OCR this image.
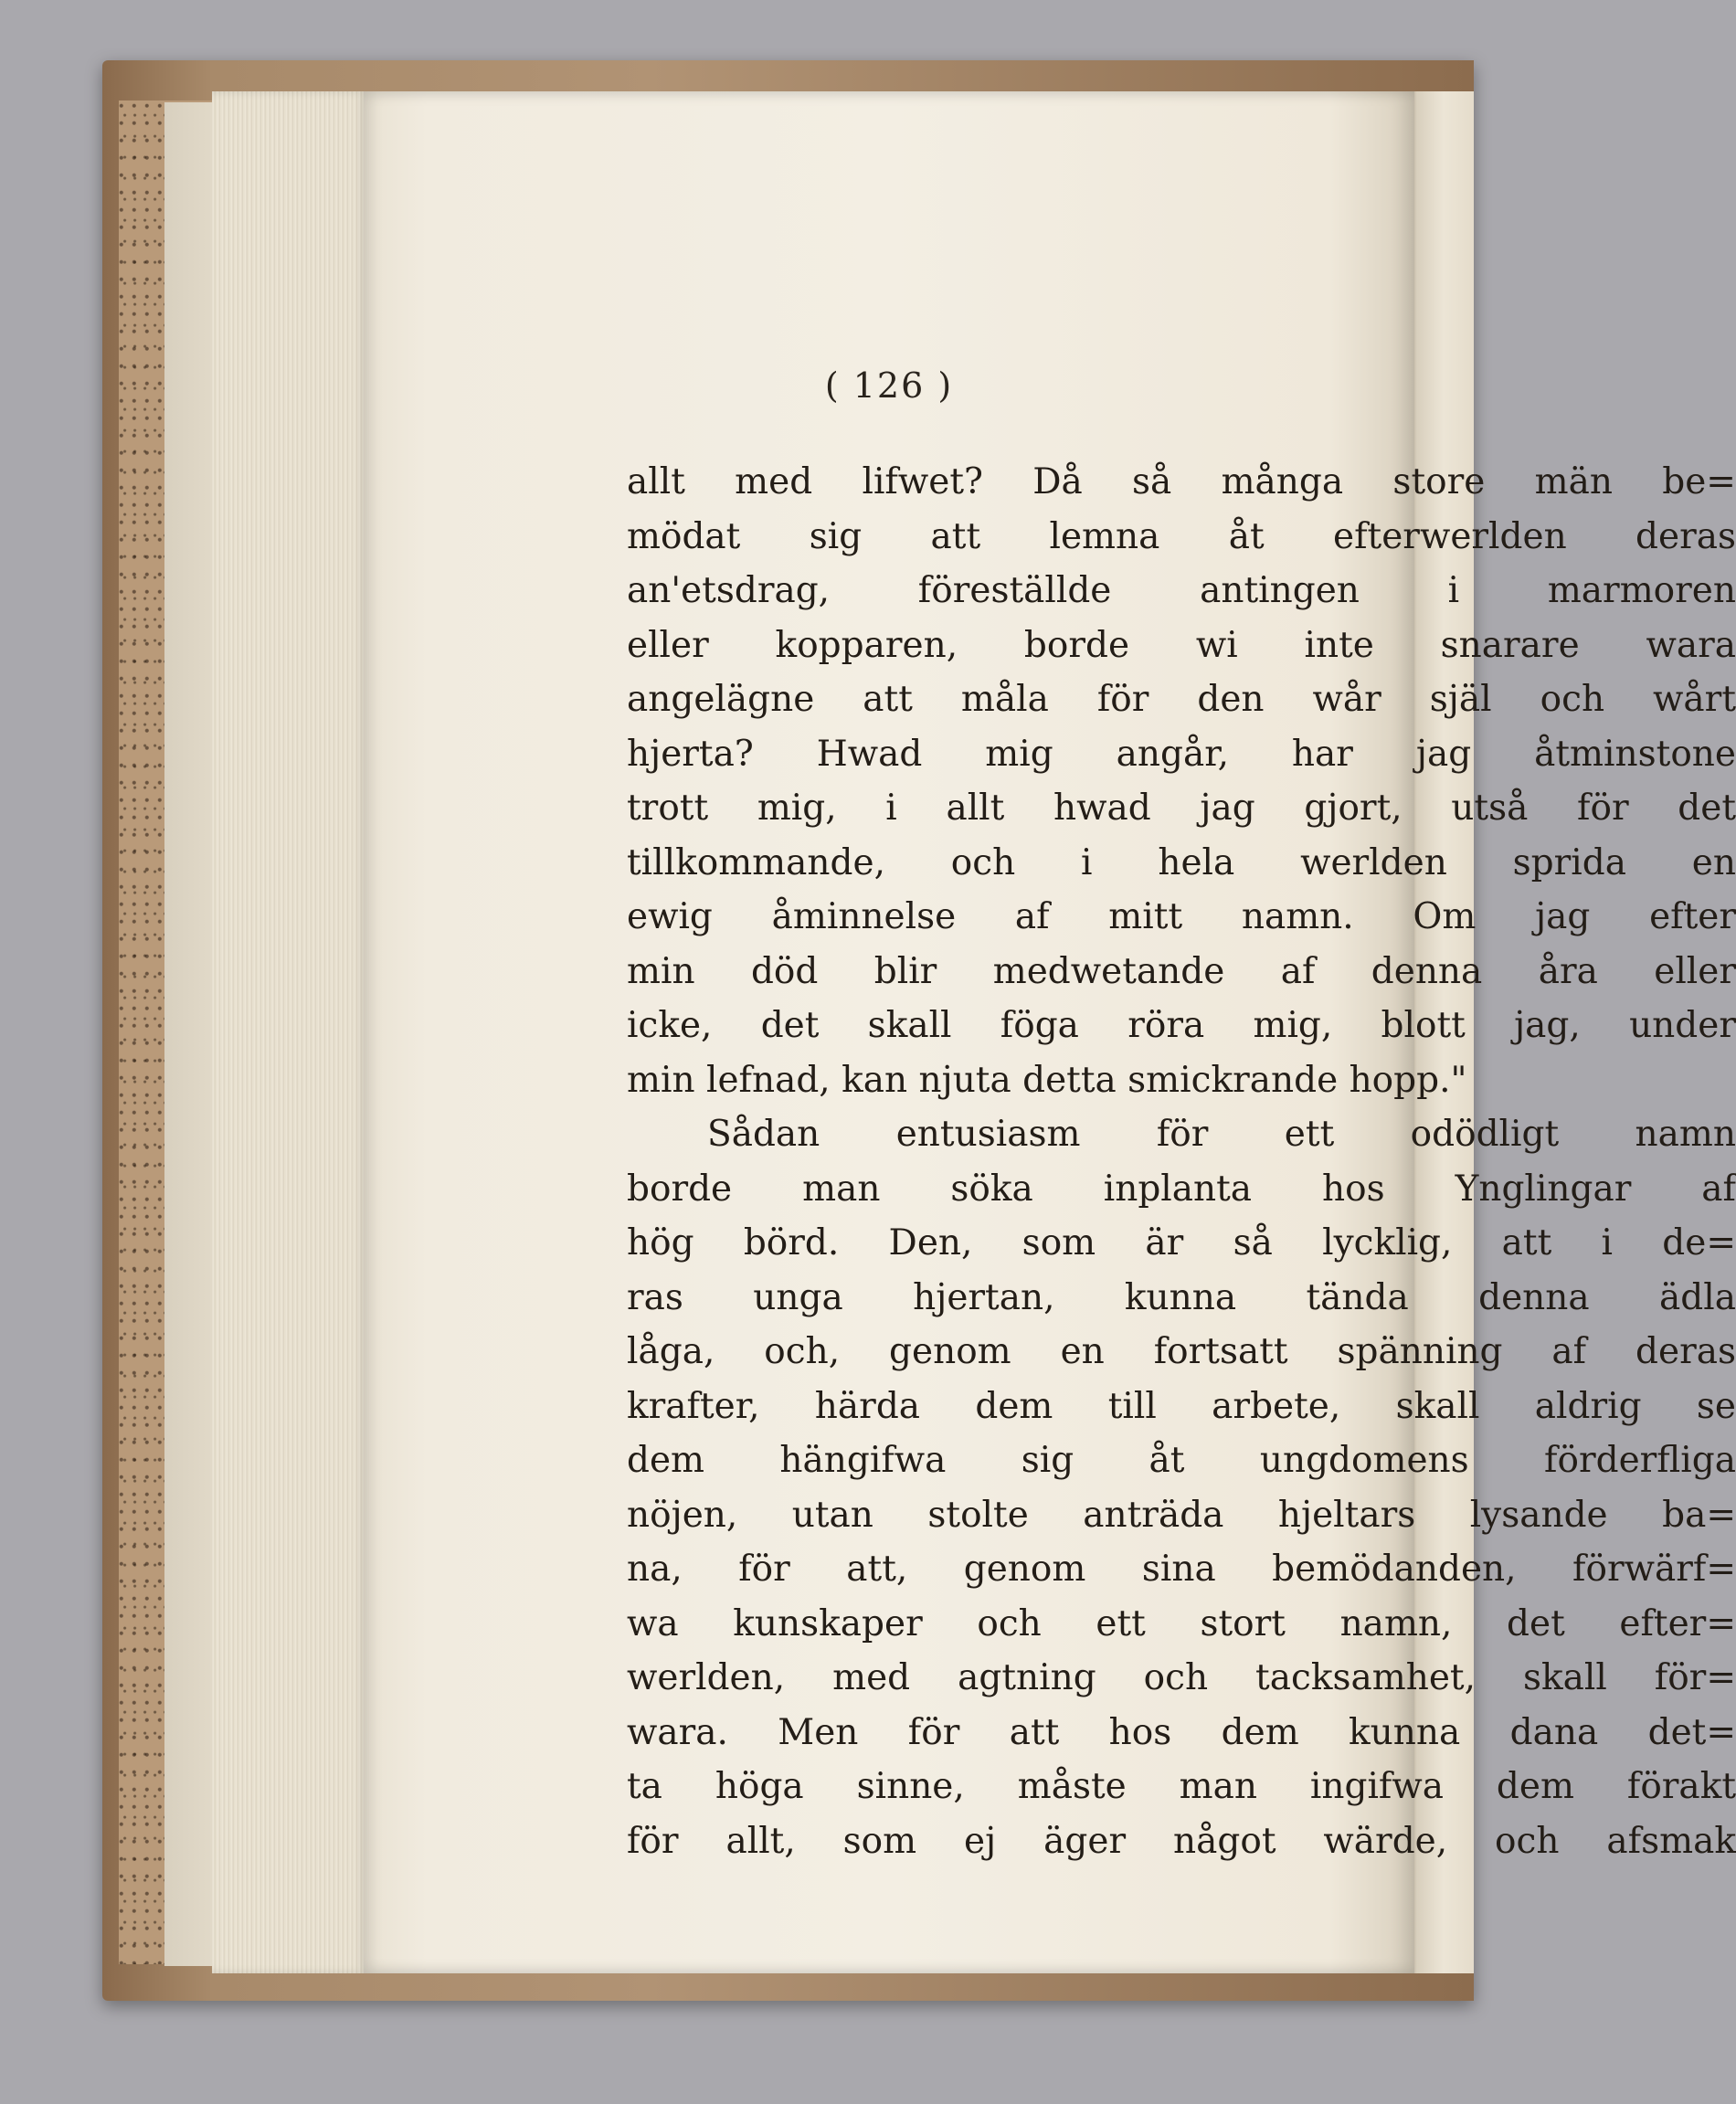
( 126 )
allt med lifwet? Då så många store män be=
mödat sig att lemna åt efterwerlden deras
an'etsdrag, föreställde antingen i marmoren
eller kopparen, borde wi inte snarare wara
angelägne att måla för den wår själ och wårt
hjerta? Hwad mig angår, har jag åtminstone
trott mig, i allt hwad jag gjort, utså för det
tillkommande, och i hela werlden sprida en
ewig åminnelse af mitt namn. Om jag efter
min död blir medwetande af denna åra eller
icke, det skall föga röra mig, blott jag, under
min lefnad, kan njuta detta smickrande hopp."
Sådan entusiasm för ett odödligt namn
borde man söka inplanta hos Ynglingar af
hög börd. Den, som är så lycklig, att i de=
ras unga hjertan, kunna tända denna ädla
låga, och, genom en fortsatt spänning af deras
krafter, härda dem till arbete, skall aldrig se
dem hängifwa sig åt ungdomens förderfliga
nöjen, utan stolte anträda hjeltars lysande ba=
na, för att, genom sina bemödanden, förwärf=
wa kunskaper och ett stort namn, det efter=
werlden, med agtning och tacksamhet, skall för=
wara. Men för att hos dem kunna dana det=
ta höga sinne, måste man ingifwa dem förakt
för allt, som ej äger något wärde, och afsmak
